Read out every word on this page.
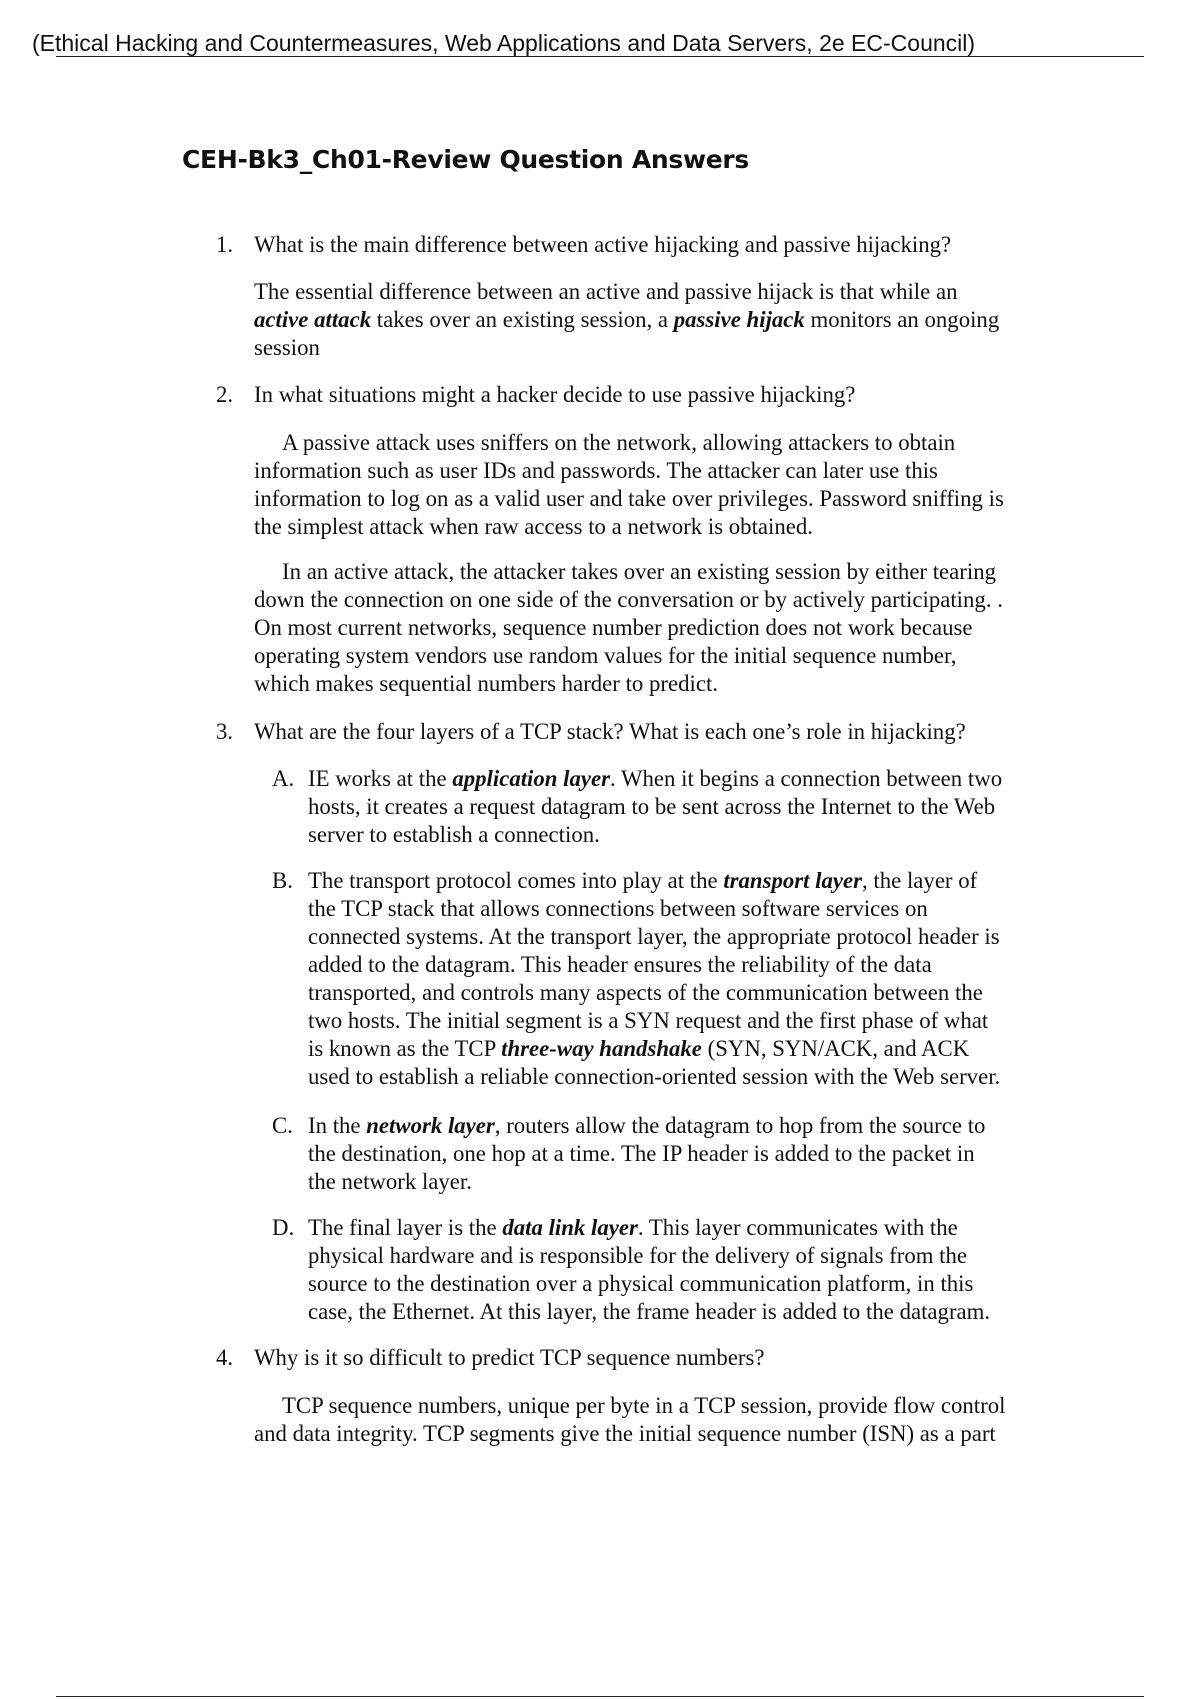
(Ethical Hacking and Countermeasures, Web Applications and Data Servers, 2e EC-Council)
CEH-Bk3_Ch01-Review Question Answers
1. What is the main difference between active hijacking and passive hijacking?
The essential difference between an active and passive hijack is that while an
active attack takes over an existing session, a passive hijack monitors an ongoing
session
2. In what situations might a hacker decide to use passive hijacking?
A passive attack uses sniffers on the network, allowing attackers to obtain
information such as user IDs and passwords. The attacker can later use this
information to log on as a valid user and take over privileges. Password sniffing is
the simplest attack when raw access to a network is obtained.
In an active attack, the attacker takes over an existing session by either tearing
down the connection on one side of the conversation or by actively participating. .
On most current networks, sequence number prediction does not work because
operating system vendors use random values for the initial sequence number,
which makes sequential numbers harder to predict.
3. What are the four layers of a TCP stack? What is each one’s role in hijacking?
A. IE works at the application layer. When it begins a connection between two
hosts, it creates a request datagram to be sent across the Internet to the Web
server to establish a connection.
B. The transport protocol comes into play at the transport layer, the layer of
the TCP stack that allows connections between software services on
connected systems. At the transport layer, the appropriate protocol header is
added to the datagram. This header ensures the reliability of the data
transported, and controls many aspects of the communication between the
two hosts. The initial segment is a SYN request and the first phase of what
is known as the TCP three-way handshake (SYN, SYN/ACK, and ACK
used to establish a reliable connection-oriented session with the Web server.
C. In the network layer, routers allow the datagram to hop from the source to
the destination, one hop at a time. The IP header is added to the packet in
the network layer.
D. The final layer is the data link layer. This layer communicates with the
physical hardware and is responsible for the delivery of signals from the
source to the destination over a physical communication platform, in this
case, the Ethernet. At this layer, the frame header is added to the datagram.
4. Why is it so difficult to predict TCP sequence numbers?
TCP sequence numbers, unique per byte in a TCP session, provide flow control
and data integrity. TCP segments give the initial sequence number (ISN) as a part
